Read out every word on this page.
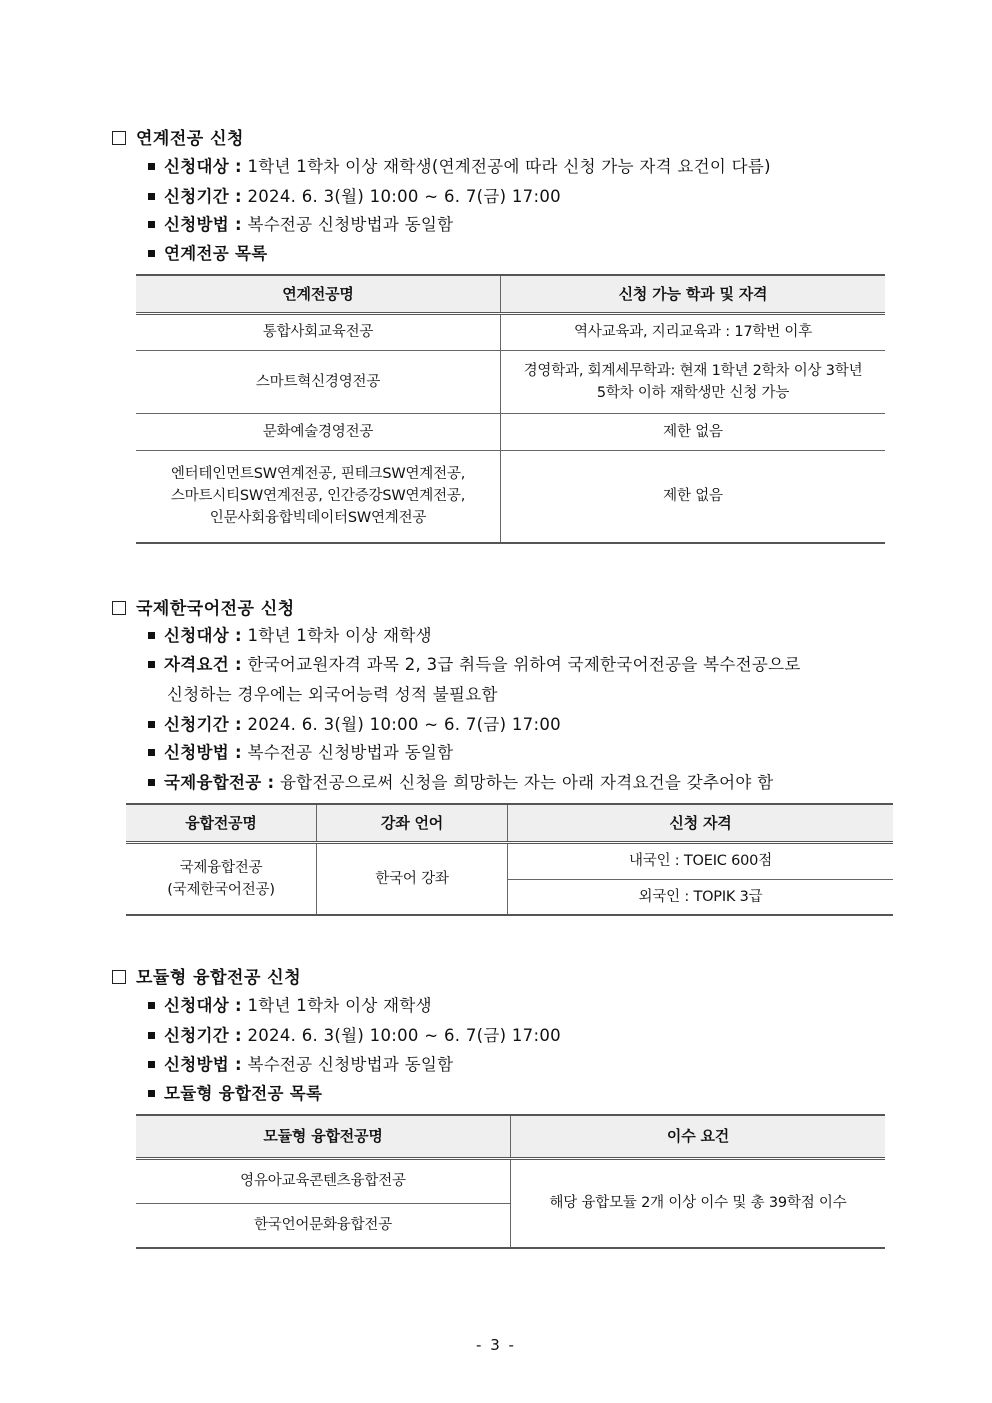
연계전공 신청
신청대상 : 1학년 1학차 이상 재학생(연계전공에 따라 신청 가능 자격 요건이 다름)
신청기간 : 2024. 6. 3(월) 10:00 ~ 6. 7(금) 17:00
신청방법 : 복수전공 신청방법과 동일함
연계전공 목록
연계전공명	신청 가능 학과 및 자격
통합사회교육전공	역사교육과, 지리교육과 : 17학번 이후
스마트혁신경영전공	경영학과, 회계세무학과: 현재 1학년 2학차 이상 3학년
5학차 이하 재학생만 신청 가능

문화예술경영전공	제한 없음

엔터테인먼트SW연계전공, 핀테크SW연계전공,
스마트시티SW연계전공, 인간증강SW연계전공,
인문사회융합빅데이터SW연계전공	제한 없음
국제한국어전공 신청
신청대상 : 1학년 1학차 이상 재학생
자격요건 : 한국어교원자격 과목 2, 3급 취득을 위하여 국제한국어전공을 복수전공으로
신청하는 경우에는 외국어능력 성적 불필요함
신청기간 : 2024. 6. 3(월) 10:00 ~ 6. 7(금) 17:00
신청방법 : 복수전공 신청방법과 동일함
국제융합전공 : 융합전공으로써 신청을 희망하는 자는 아래 자격요건을 갖추어야 함
융합전공명	강좌 언어	신청 자격

국제융합전공
(국제한국어전공)	한국어 강좌	내국인 : TOEIC 600점
		외국인 : TOPIK 3급
모듈형 융합전공 신청
신청대상 : 1학년 1학차 이상 재학생
신청기간 : 2024. 6. 3(월) 10:00 ~ 6. 7(금) 17:00
신청방법 : 복수전공 신청방법과 동일함
모듈형 융합전공 목록
모듈형 융합전공명	이수 요건
영유아교육콘텐츠융합전공	해당 융합모듈 2개 이상 이수 및 총 39학점 이수
한국언어문화융합전공	
- 3 -
